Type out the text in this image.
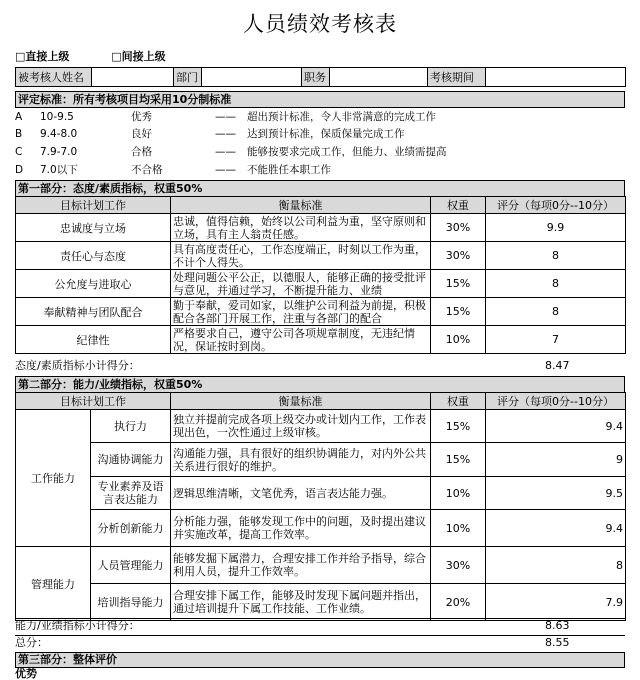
人员绩效考核表
□直接上级	□间接上级
被考核人姓名		部门		职务		考核期间	
评定标准：所有考核项目均采用10分制标准
A 10-9.5	优秀	—— 超出预计标准，令人非常满意的完成工作
B 9.4-8.0	良好	—— 达到预计标准，保质保量完成工作
C 7.9-7.0	合格	—— 能够按要求完成工作，但能力、业绩需提高
D 7.0以下	不合格	—— 不能胜任本职工作
第一部分：态度/素质指标，权重50%
目标计划工作	衡量标准	权重	评分（每项0分--10分）
忠诚度与立场	忠诚，值得信赖，始终以公司利益为重，坚守原则和立场，具有主人翁责任感。	30%	9.9
责任心与态度	具有高度责任心，工作态度端正，时刻以工作为重，不计个人得失。	30%	8
公允度与进取心	处理问题公平公正，以德服人，能够正确的接受批评与意见，并通过学习，不断提升能力、业绩	15%	8
奉献精神与团队配合	勤于奉献，爱司如家，以维护公司利益为前提，积极配合各部门开展工作，注重与各部门的配合	15%	8
纪律性	严格要求自己，遵守公司各项规章制度，无违纪情况，保证按时到岗。	10%	7
态度/素质指标小计得分：	8.47
第二部分：能力/业绩指标，权重50%
目标计划工作		衡量标准	权重	评分（每项0分--10分）
工作能力	执行力	独立并提前完成各项上级交办或计划内工作，工作表现出色，一次性通过上级审核。	15%	9.4
	沟通协调能力	沟通能力强，具有很好的组织协调能力，对内外公共关系进行很好的维护。	15%	9
	专业素养及语言表达能力	逻辑思维清晰，文笔优秀，语言表达能力强。	10%	9.5
	分析创新能力	分析能力强，能够发现工作中的问题，及时提出建议并实施改革，提高工作效率。	10%	9.4
管理能力	人员管理能力	能够发掘下属潜力，合理安排工作并给予指导，综合利用人员，提升工作效率。	30%	8
	培训指导能力	合理安排下属工作，能够及时发现下属问题并指出，通过培训提升下属工作技能、工作业绩。	20%	7.9
能力/业绩指标小计得分：	8.63
总分：	8.55
第三部分：整体评价
优势
